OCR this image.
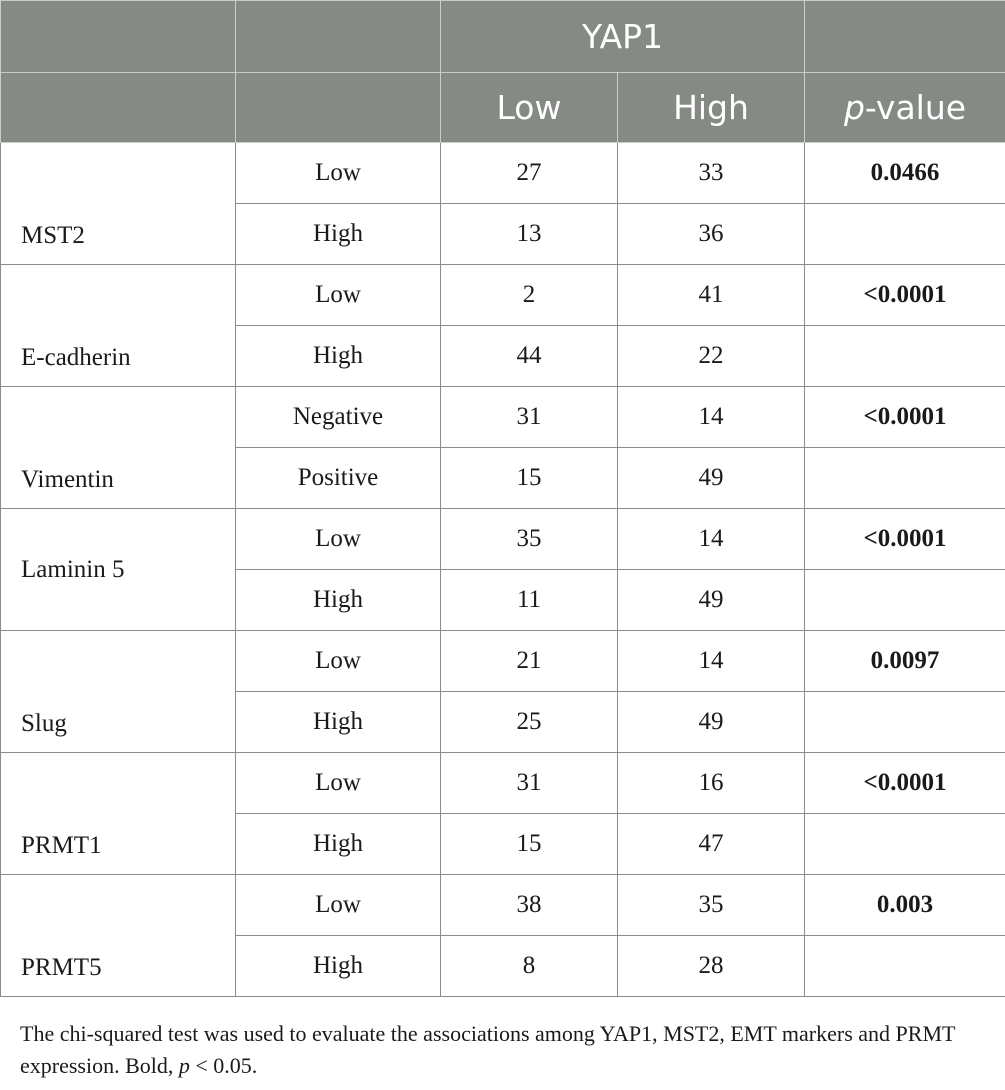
		YAP1		
		Low	High	p-value
MST2	Low	27	33	0.0466
	High	13	36	
E-cadherin	Low	2	41	<0.0001
	High	44	22	
Vimentin	Negative	31	14	<0.0001
	Positive	15	49	
Laminin 5	Low	35	14	<0.0001
	High	11	49	
Slug	Low	21	14	0.0097
	High	25	49	
PRMT1	Low	31	16	<0.0001
	High	15	47	
PRMT5	Low	38	35	0.003
	High	8	28	
The chi-squared test was used to evaluate the associations among YAP1, MST2, EMT markers and PRMT expression. Bold, p < 0.05.
